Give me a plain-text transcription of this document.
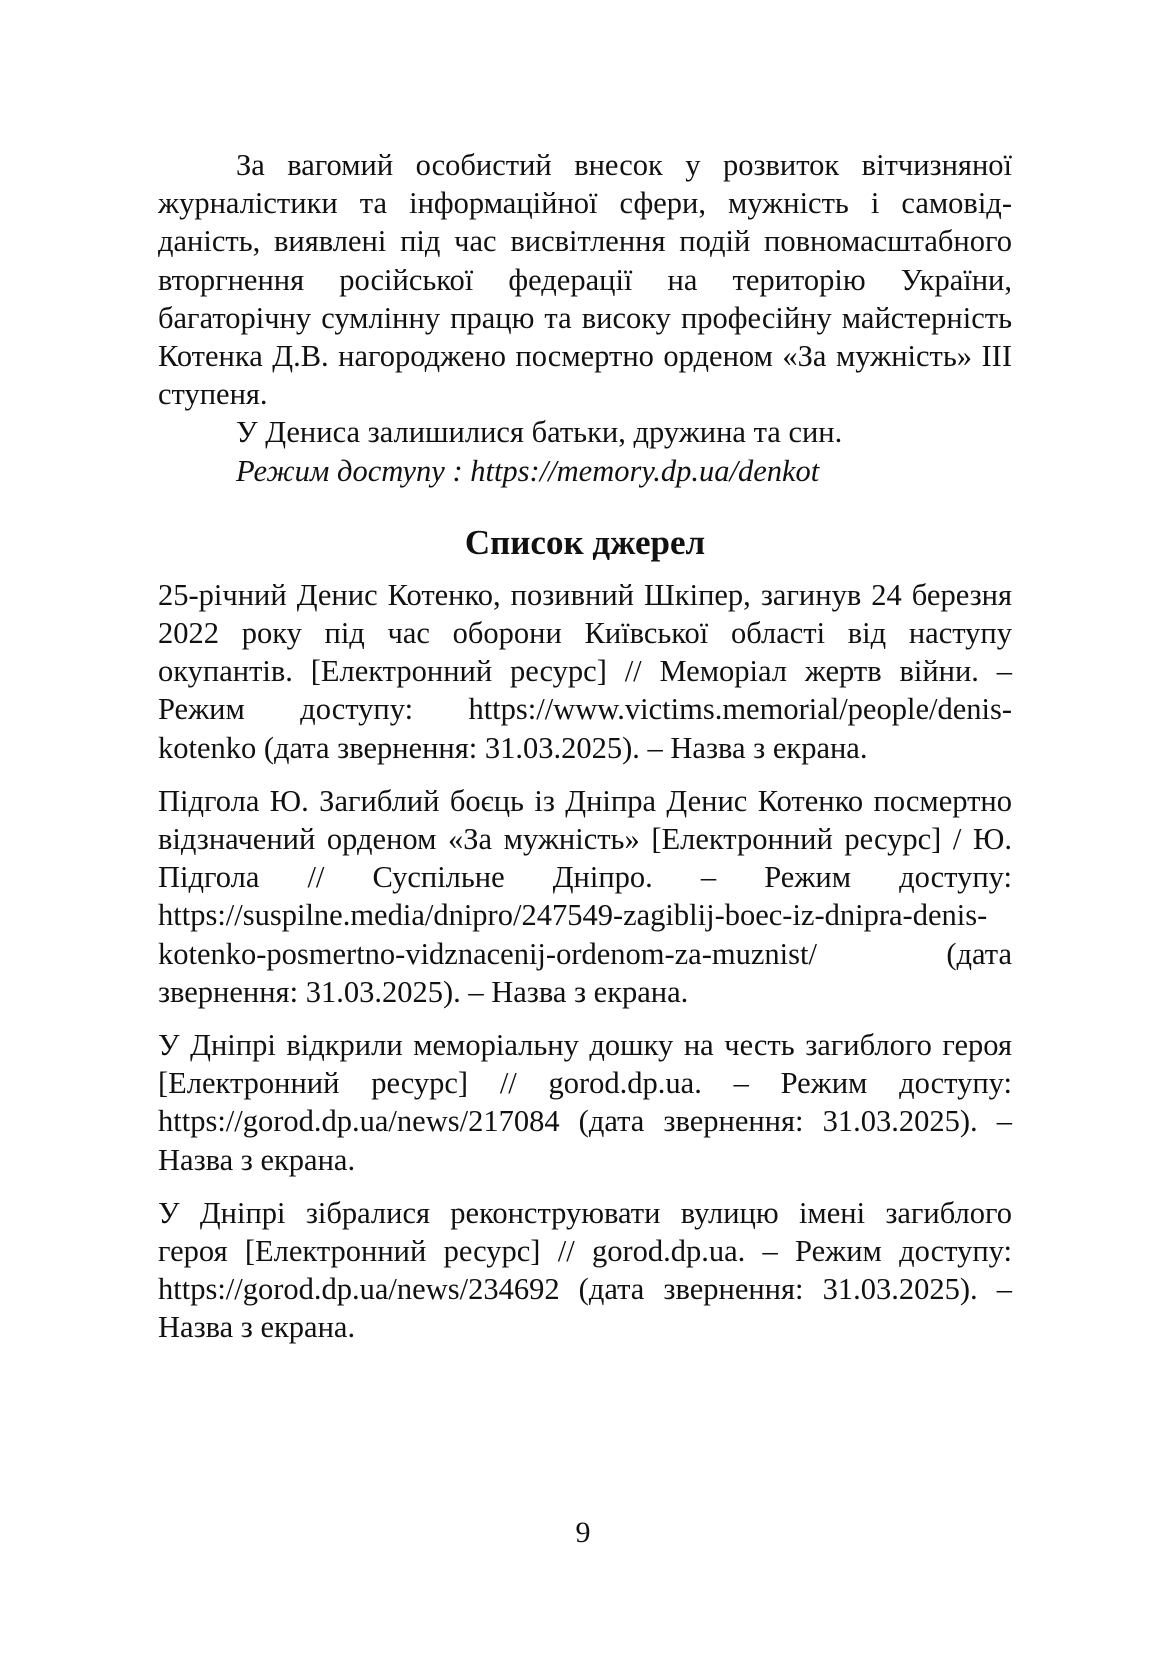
За вагомий особистий внесок у розвиток вітчизняної журналістики та інформаційної сфери, мужність і самовідданість, виявлені під час висвітлення подій повномасштабного вторгнення російської федерації на територію України, багаторічну сумлінну працю та високу професійну майстерність Котенка Д.В. нагороджено посмертно орденом «За мужність» ІІІ ступеня.

У Дениса залишилися батьки, дружина та син.

Режим доступу : https://memory.dp.ua/denkot

Список джерел

25-річний Денис Котенко, позивний Шкіпер, загинув 24 березня 2022 року під час оборони Київської області від наступу окупантів. [Електронний ресурс] // Меморіал жертв війни. – Режим доступу: https://www.victims.memorial/people/​denis-kotenko (дата звернення: 31.03.2025). – Назва з екрана.

Підгола Ю. Загиблий боєць із Дніпра Денис Котенко посмертно відзначений орденом «За мужність» [Електронний ресурс] / Ю. Підгола // Суспільне Дніпро. – Режим доступу: https://suspilne.media/dnipro/247549-zagiblij-boec-iz-dnipra-​denis-kotenko-posmertno-vidznacenij-ordenom-za-muznist/​ (дата звернення: 31.03.2025). – Назва з екрана.

У Дніпрі відкрили меморіальну дошку на честь загиблого героя [Електронний ресурс] // gorod.dp.ua. – Режим доступу: https://gorod.dp.ua/news/217084 (дата звернення: 31.03.2025). – Назва з екрана.

У Дніпрі зібралися реконструювати вулицю імені загиблого героя [Електронний ресурс] // gorod.dp.ua. – Режим доступу: https://gorod.dp.ua/news/234692 (дата звернення: 31.03.2025). – Назва з екрана.

9
